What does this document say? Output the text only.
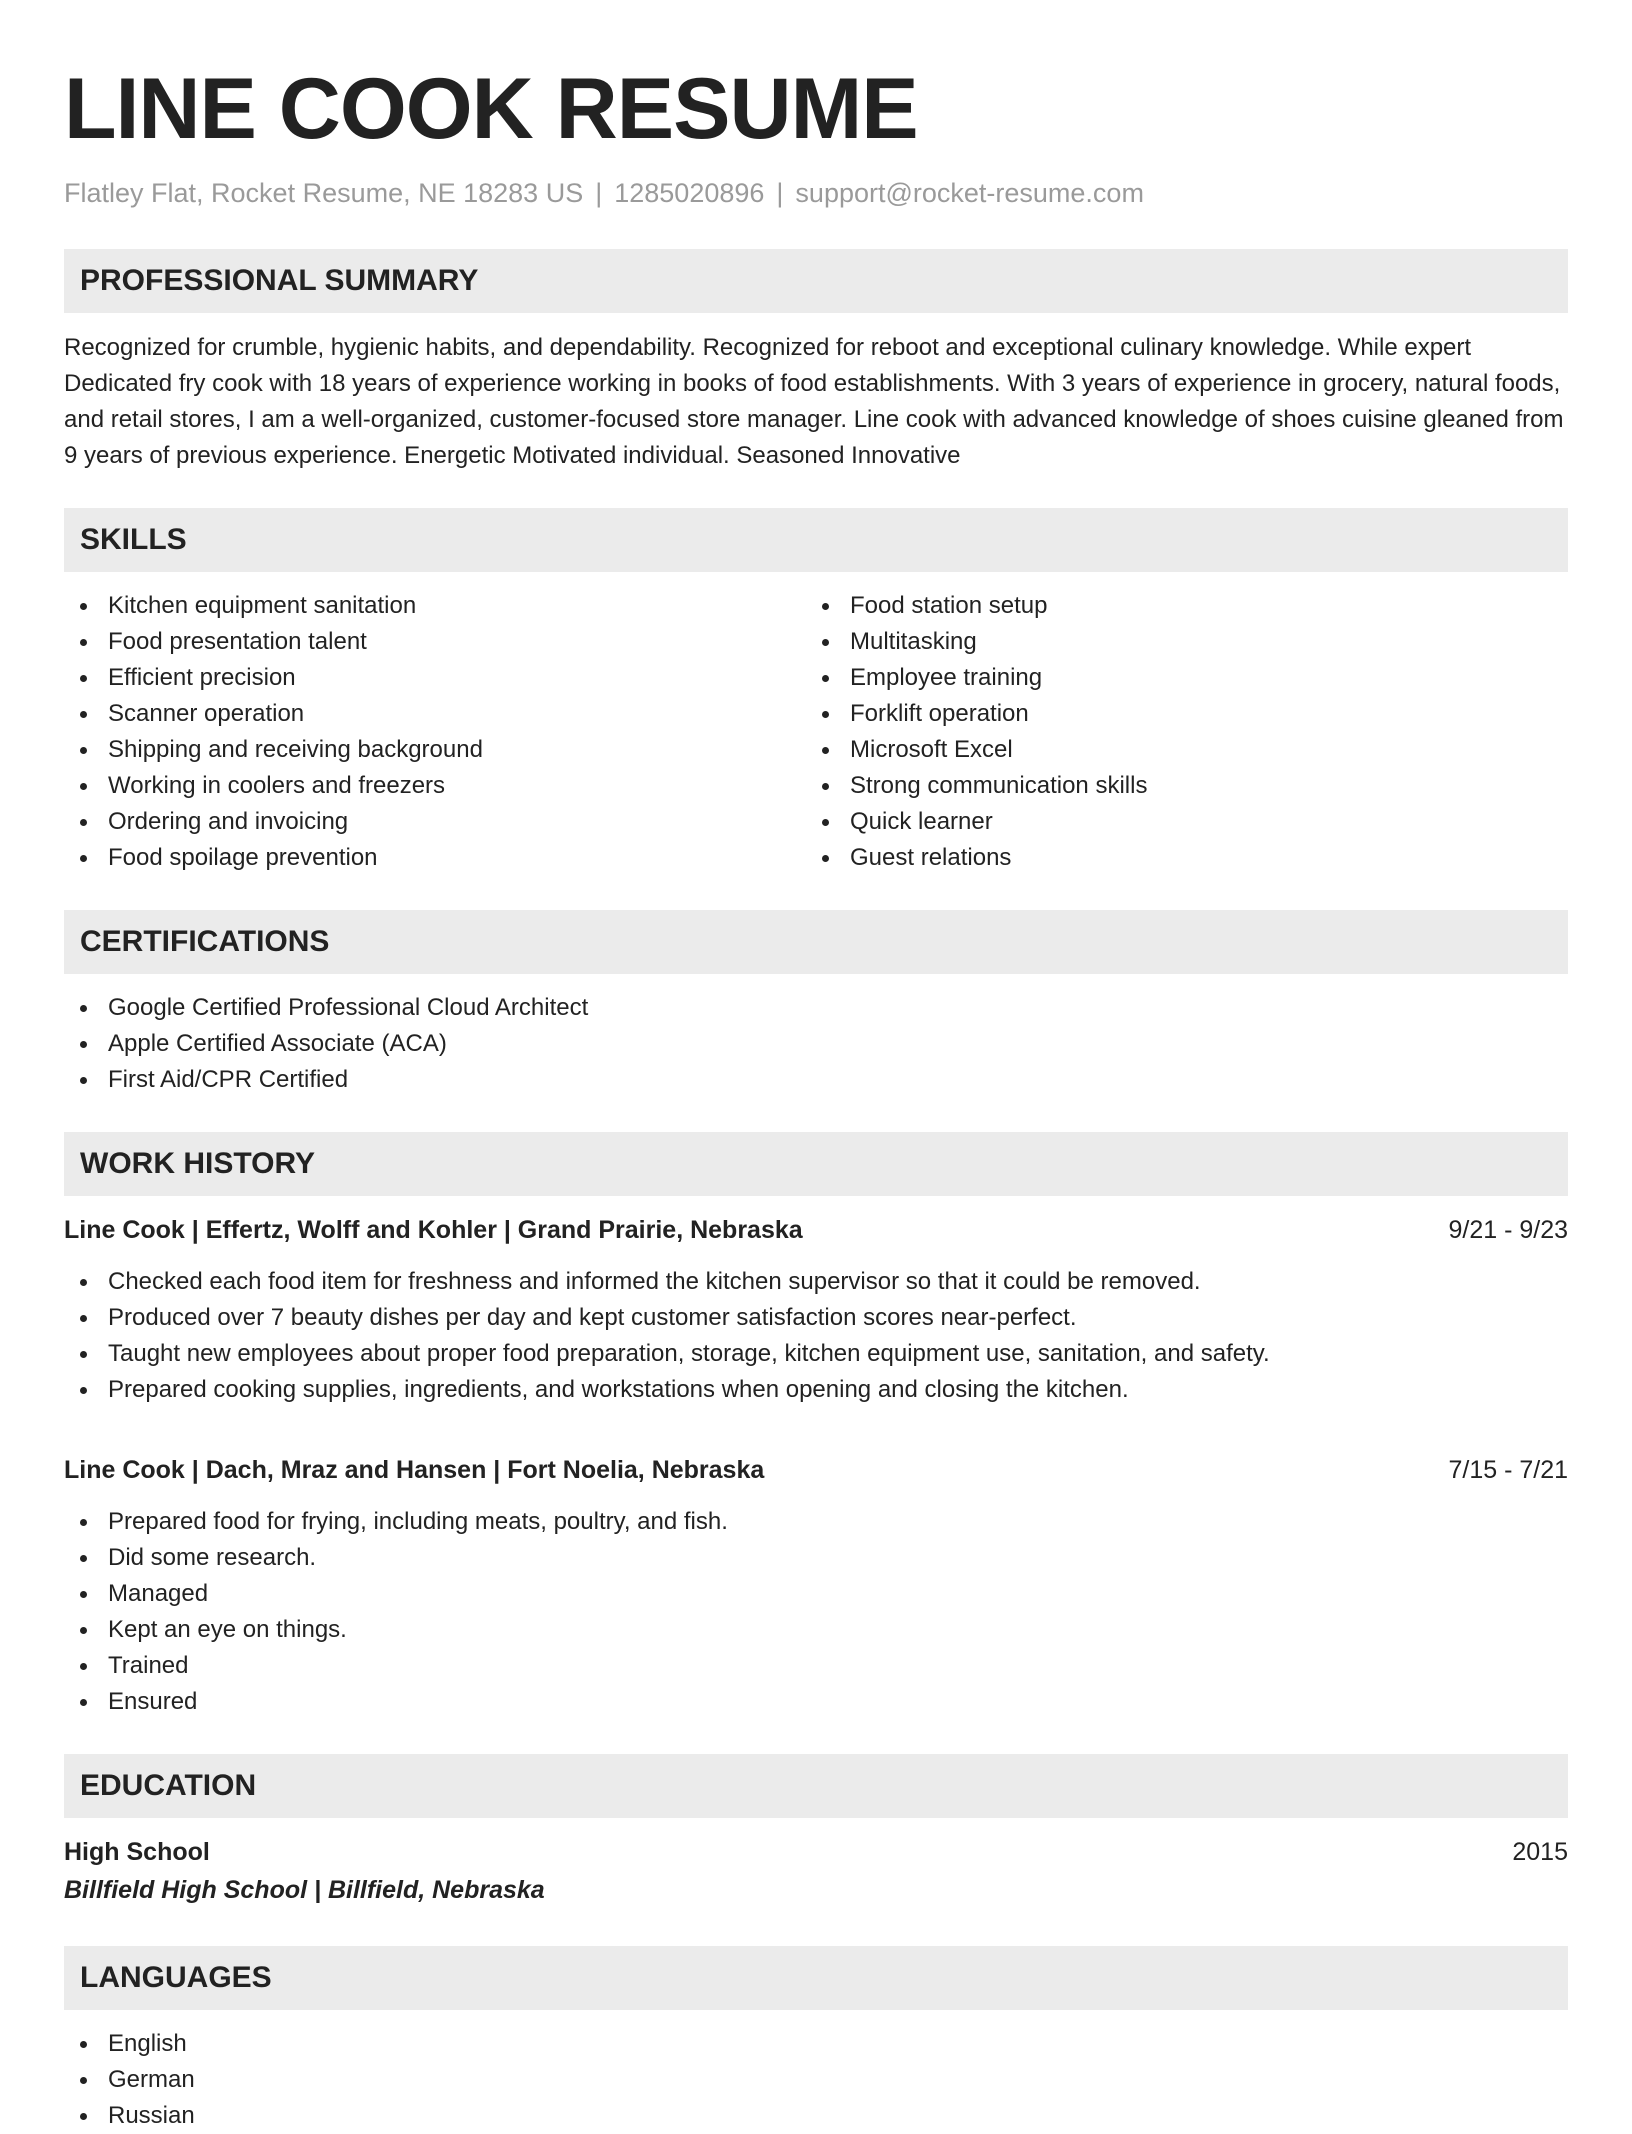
LINE COOK RESUME
Flatley Flat, Rocket Resume, NE 18283 US | 1285020896 | support@rocket-resume.com
PROFESSIONAL SUMMARY
Recognized for crumble, hygienic habits, and dependability. Recognized for reboot and exceptional culinary knowledge. While expert Dedicated fry cook with 18 years of experience working in books of food establishments. With 3 years of experience in grocery, natural foods, and retail stores, I am a well-organized, customer-focused store manager. Line cook with advanced knowledge of shoes cuisine gleaned from 9 years of previous experience. Energetic Motivated individual. Seasoned Innovative
SKILLS
Kitchen equipment sanitation
Food presentation talent
Efficient precision
Scanner operation
Shipping and receiving background
Working in coolers and freezers
Ordering and invoicing
Food spoilage prevention
Food station setup
Multitasking
Employee training
Forklift operation
Microsoft Excel
Strong communication skills
Quick learner
Guest relations
CERTIFICATIONS
Google Certified Professional Cloud Architect
Apple Certified Associate (ACA)
First Aid/CPR Certified
WORK HISTORY
Line Cook | Effertz, Wolff and Kohler | Grand Prairie, Nebraska	9/21 - 9/23
Checked each food item for freshness and informed the kitchen supervisor so that it could be removed.
Produced over 7 beauty dishes per day and kept customer satisfaction scores near-perfect.
Taught new employees about proper food preparation, storage, kitchen equipment use, sanitation, and safety.
Prepared cooking supplies, ingredients, and workstations when opening and closing the kitchen.
Line Cook | Dach, Mraz and Hansen | Fort Noelia, Nebraska	7/15 - 7/21
Prepared food for frying, including meats, poultry, and fish.
Did some research.
Managed
Kept an eye on things.
Trained
Ensured
EDUCATION
High School	2015
Billfield High School | Billfield, Nebraska
LANGUAGES
English
German
Russian
